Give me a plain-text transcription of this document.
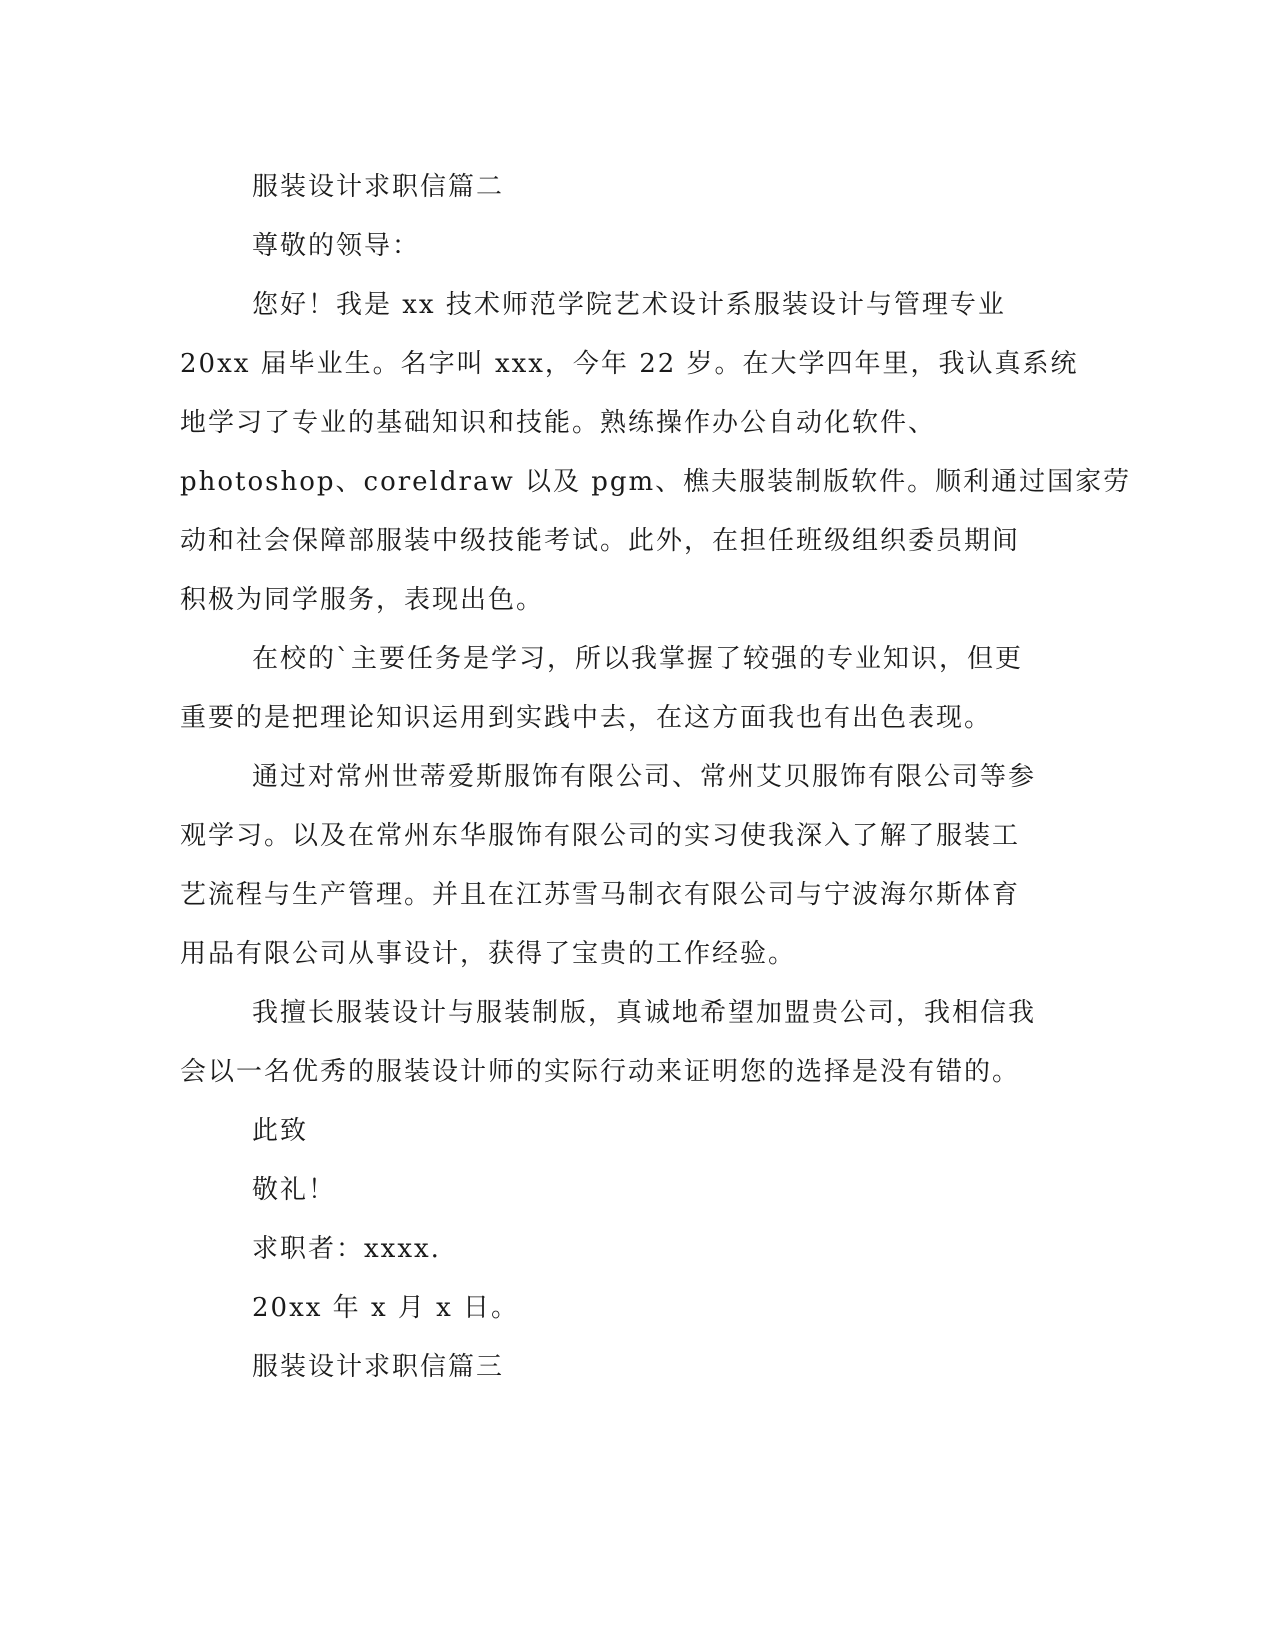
服装设计求职信篇二
尊敬的领导：
您好！我是 xx 技术师范学院艺术设计系服装设计与管理专业
20xx 届毕业生。名字叫 xxx，今年 22 岁。在大学四年里，我认真系统
地学习了专业的基础知识和技能。熟练操作办公自动化软件、
photoshop、coreldraw 以及 pgm、樵夫服装制版软件。顺利通过国家劳
动和社会保障部服装中级技能考试。此外，在担任班级组织委员期间
积极为同学服务，表现出色。
在校的`主要任务是学习，所以我掌握了较强的专业知识，但更
重要的是把理论知识运用到实践中去，在这方面我也有出色表现。
通过对常州世蒂爱斯服饰有限公司、常州艾贝服饰有限公司等参
观学习。以及在常州东华服饰有限公司的实习使我深入了解了服装工
艺流程与生产管理。并且在江苏雪马制衣有限公司与宁波海尔斯体育
用品有限公司从事设计，获得了宝贵的工作经验。
我擅长服装设计与服装制版，真诚地希望加盟贵公司，我相信我
会以一名优秀的服装设计师的实际行动来证明您的选择是没有错的。
此致
敬礼！
求职者：xxxx.
20xx 年 x 月 x 日。
服装设计求职信篇三
